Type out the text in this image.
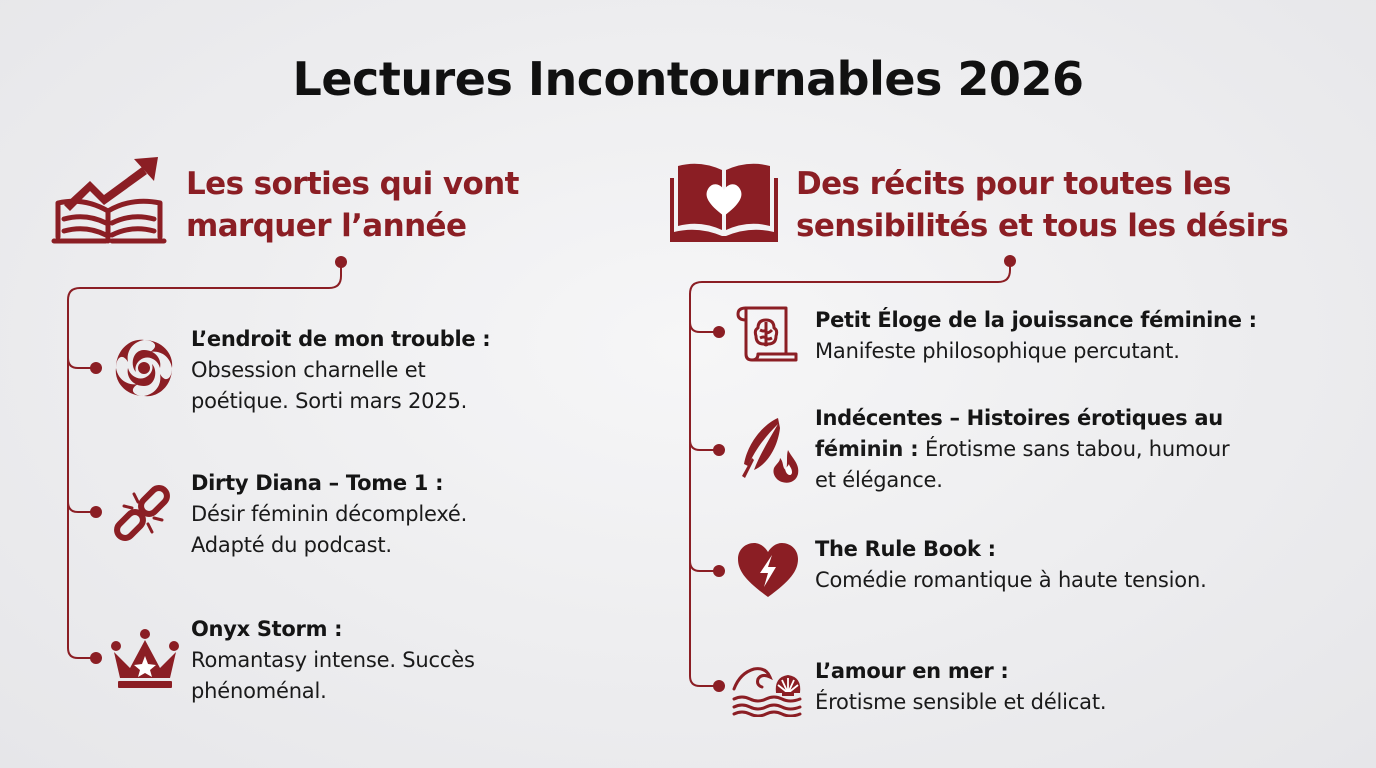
Lectures Incontournables 2026
Les sorties qui vont
marquer l’année
Des récits pour toutes les
sensibilités et tous les désirs
L’endroit de mon trouble :
Obsession charnelle et
poétique. Sorti mars 2025.
Dirty Diana – Tome 1 :
Désir féminin décomplexé.
Adapté du podcast.
Onyx Storm :
Romantasy intense. Succès
phénoménal.
Petit Éloge de la jouissance féminine :
Manifeste philosophique percutant.
Indécentes – Histoires érotiques au
féminin : Érotisme sans tabou, humour
et élégance.
The Rule Book :
Comédie romantique à haute tension.
L’amour en mer :
Érotisme sensible et délicat.
